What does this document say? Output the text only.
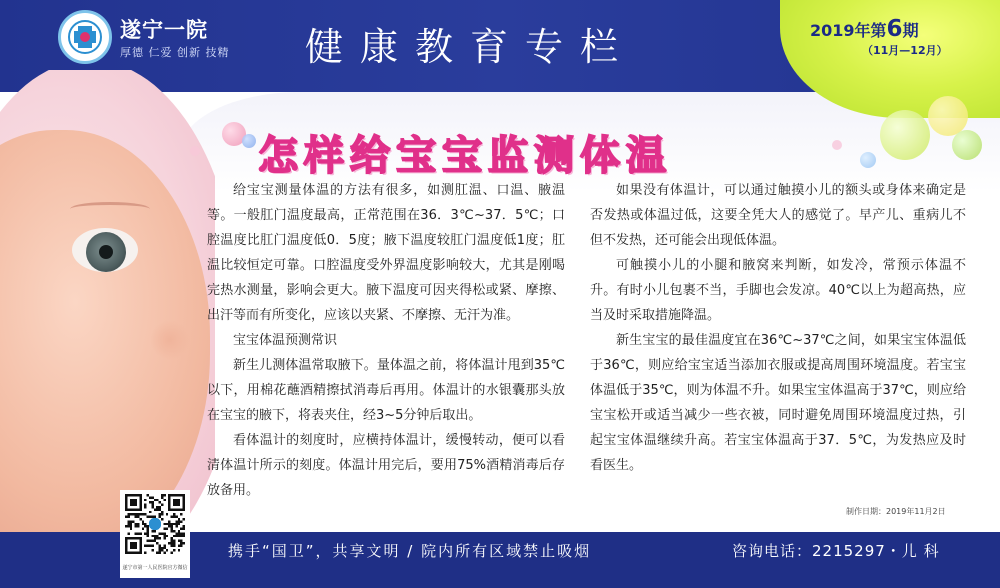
遂宁一院
厚德 仁爱 创新 技精 健康教育专栏	2019年第6期
（11月—12月）
怎样给宝宝监测体温

给宝宝测量体温的方法有很多，如测肛温、口温、腋温等。一般肛门温度最高，正常范围在36．3℃~37．5℃；口腔温度比肛门温度低0．5度；腋下温度较肛门温度低1度；肛温比较恒定可靠。口腔温度受外界温度影响较大，尤其是刚喝完热水测量，影响会更大。腋下温度可因夹得松或紧、摩擦、出汗等而有所变化，应该以夹紧、不摩擦、无汗为准。

宝宝体温预测常识

新生儿测体温常取腋下。量体温之前，将体温计甩到35℃以下，用棉花蘸酒精擦拭消毒后再用。体温计的水银囊那头放在宝宝的腋下，将表夹住，经3~5分钟后取出。

看体温计的刻度时，应横持体温计，缓慢转动，便可以看清体温计所示的刻度。体温计用完后，要用75%酒精消毒后存放备用。

如果没有体温计，可以通过触摸小儿的额头或身体来确定是否发热或体温过低，这要全凭大人的感觉了。早产儿、重病儿不但不发热，还可能会出现低体温。

可触摸小儿的小腿和腋窝来判断，如发冷，常预示体温不升。有时小儿包裹不当，手脚也会发凉。40℃以上为超高热，应当及时采取措施降温。

新生宝宝的最佳温度宜在36℃~37℃之间，如果宝宝体温低于36℃，则应给宝宝适当添加衣服或提高周围环境温度。若宝宝体温低于35℃，则为体温不升。如果宝宝体温高于37℃，则应给宝宝松开或适当减少一些衣被，同时避免周围环境温度过热，引起宝宝体温继续升高。若宝宝体温高于37．5℃，为发热应及时看医生。

制作日期：2019年11月2日
携手“国卫”，共享文明 / 院内所有区域禁止吸烟	咨询电话：2215297・儿 科
遂宁市第一人民医院官方微信
